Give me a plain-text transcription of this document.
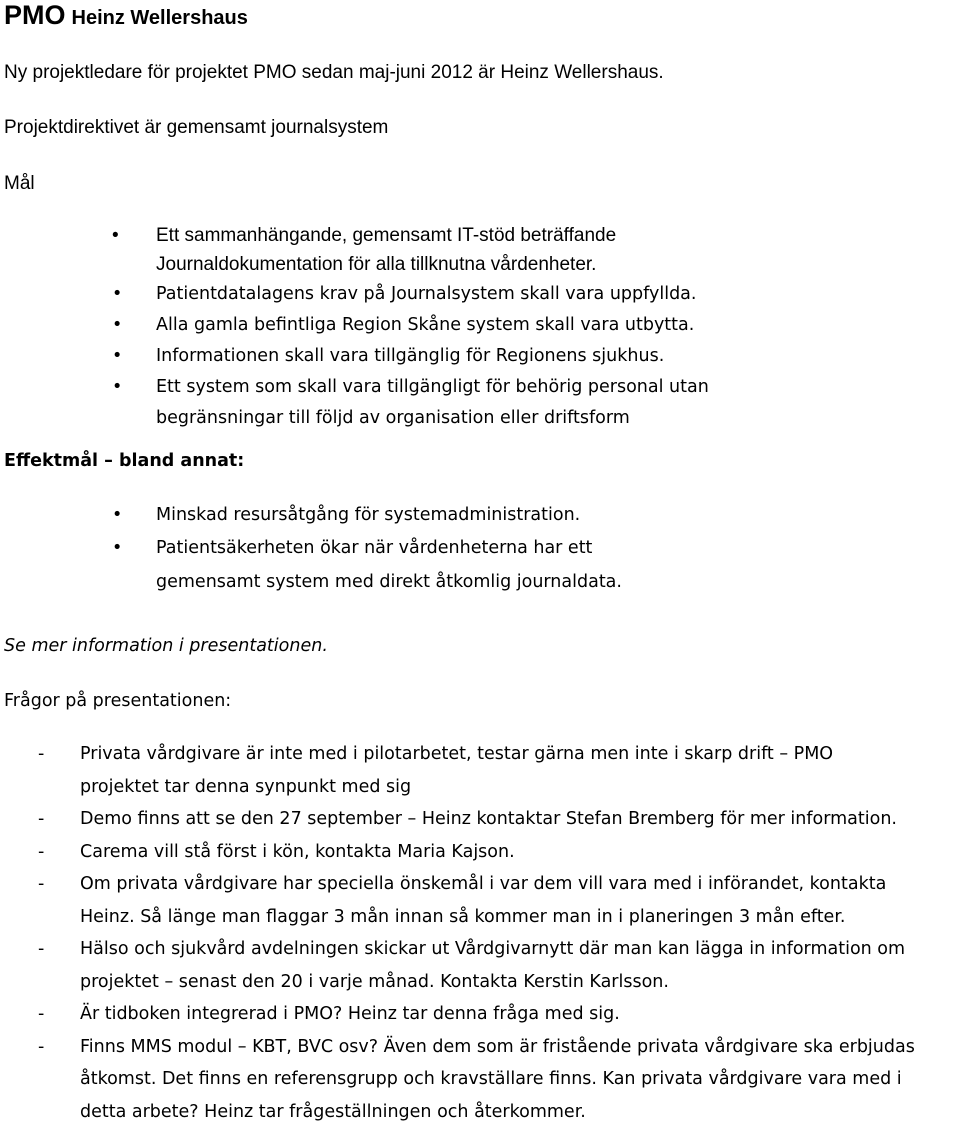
PMO Heinz Wellershaus
Ny projektledare för projektet PMO sedan maj-juni 2012 är Heinz Wellershaus.
Projektdirektivet är gemensamt journalsystem
Mål
• Ett sammanhängande, gemensamt IT-stöd beträffande
Journaldokumentation för alla tillknutna vårdenheter.
• Patientdatalagens krav på Journalsystem skall vara uppfyllda.
• Alla gamla befintliga Region Skåne system skall vara utbytta.
• Informationen skall vara tillgänglig för Regionens sjukhus.
• Ett system som skall vara tillgängligt för behörig personal utan
begränsningar till följd av organisation eller driftsform
Effektmål – bland annat:
• Minskad resursåtgång för systemadministration.
• Patientsäkerheten ökar när vårdenheterna har ett
gemensamt system med direkt åtkomlig journaldata.
Se mer information i presentationen.
Frågor på presentationen:
- Privata vårdgivare är inte med i pilotarbetet, testar gärna men inte i skarp drift – PMO projektet tar denna synpunkt med sig
- Demo finns att se den 27 september – Heinz kontaktar Stefan Bremberg för mer information.
- Carema vill stå först i kön, kontakta Maria Kajson.
- Om privata vårdgivare har speciella önskemål i var dem vill vara med i införandet, kontakta Heinz. Så länge man flaggar 3 mån innan så kommer man in i planeringen 3 mån efter.
- Hälso och sjukvård avdelningen skickar ut Vårdgivarnytt där man kan lägga in information om projektet – senast den 20 i varje månad. Kontakta Kerstin Karlsson.
- Är tidboken integrerad i PMO? Heinz tar denna fråga med sig.
- Finns MMS modul – KBT, BVC osv? Även dem som är fristående privata vårdgivare ska erbjudas åtkomst. Det finns en referensgrupp och kravställare finns. Kan privata vårdgivare vara med i detta arbete? Heinz tar frågeställningen och återkommer.
